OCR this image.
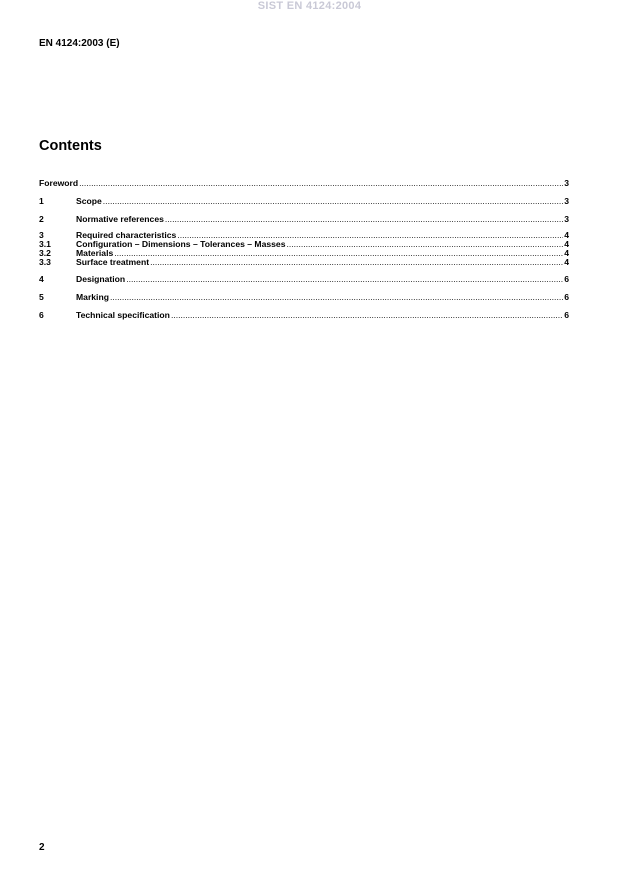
SIST EN 4124:2004
EN 4124:2003 (E)
Contents
Foreword .....	3
1	Scope .....	3
2	Normative references .....	3
3	Required characteristics .....	4
3.1	Configuration – Dimensions – Tolerances – Masses .....	4
3.2	Materials .....	4
3.3	Surface treatment .....	4
4	Designation .....	6
5	Marking .....	6
6	Technical specification .....	6
2
